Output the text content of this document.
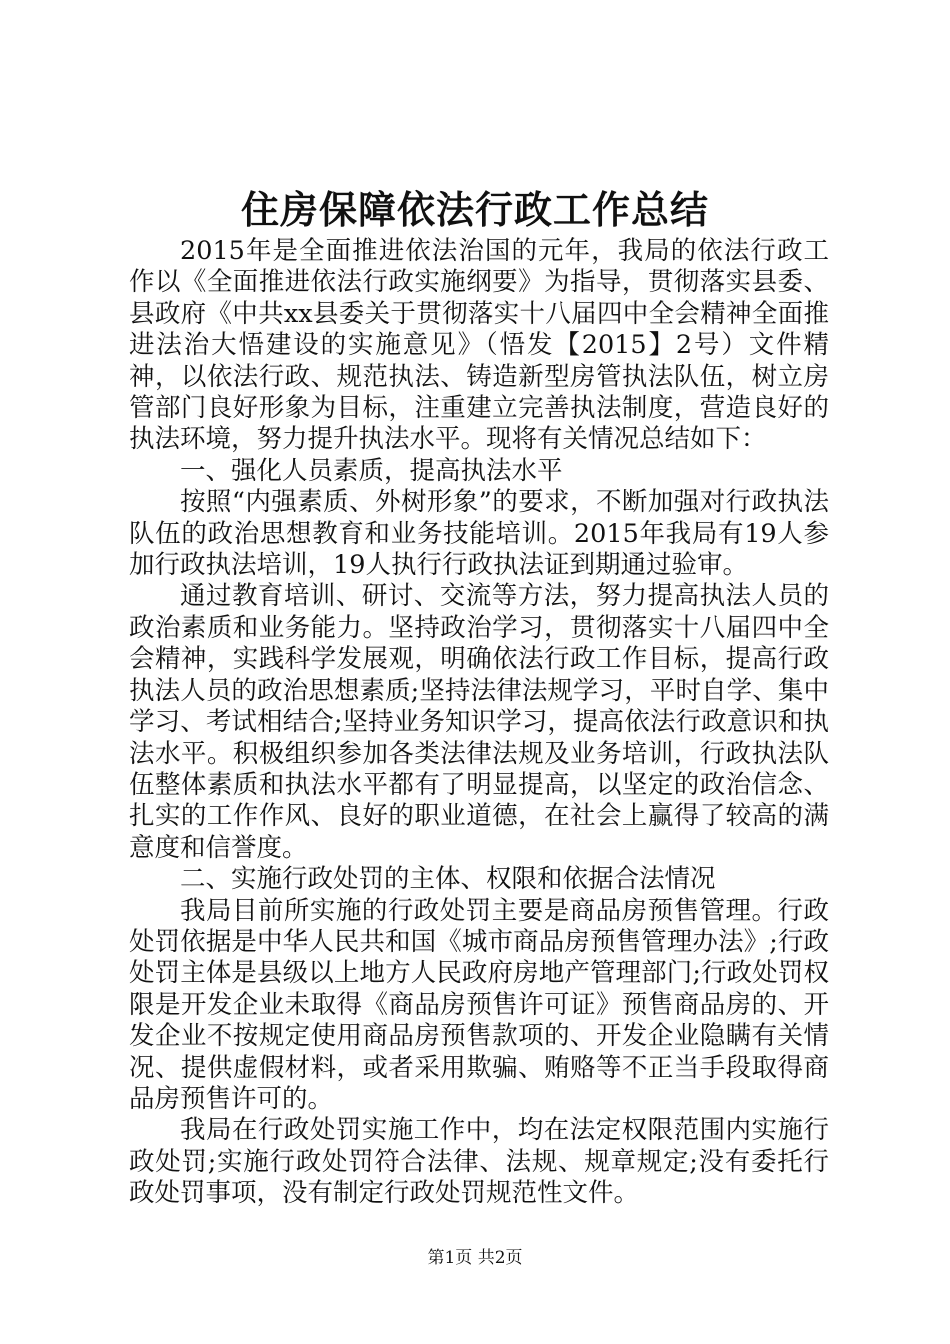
住房保障依法行政工作总结

2015年是全面推进依法治国的元年，我局的依法行政工作以《全面推进依法行政实施纲要》为指导，贯彻落实县委、县政府《中共xx县委关于贯彻落实十八届四中全会精神全面推进法治大悟建设的实施意见》（悟发【2015】2号）文件精神，以依法行政、规范执法、铸造新型房管执法队伍，树立房管部门良好形象为目标，注重建立完善执法制度，营造良好的执法环境，努力提升执法水平。现将有关情况总结如下：

一、强化人员素质，提高执法水平

按照“内强素质、外树形象”的要求，不断加强对行政执法队伍的政治思想教育和业务技能培训。2015年我局有19人参加行政执法培训，19人执行行政执法证到期通过验审。

通过教育培训、研讨、交流等方法，努力提高执法人员的政治素质和业务能力。坚持政治学习，贯彻落实十八届四中全会精神，实践科学发展观，明确依法行政工作目标，提高行政执法人员的政治思想素质;坚持法律法规学习，平时自学、集中学习、考试相结合;坚持业务知识学习，提高依法行政意识和执法水平。积极组织参加各类法律法规及业务培训，行政执法队伍整体素质和执法水平都有了明显提高，以坚定的政治信念、扎实的工作作风、良好的职业道德，在社会上赢得了较高的满意度和信誉度。

二、实施行政处罚的主体、权限和依据合法情况

我局目前所实施的行政处罚主要是商品房预售管理。行政处罚依据是中华人民共和国《城市商品房预售管理办法》;行政处罚主体是县级以上地方人民政府房地产管理部门;行政处罚权限是开发企业未取得《商品房预售许可证》预售商品房的、开发企业不按规定使用商品房预售款项的、开发企业隐瞒有关情况、提供虚假材料，或者采用欺骗、贿赂等不正当手段取得商品房预售许可的。

我局在行政处罚实施工作中，均在法定权限范围内实施行政处罚;实施行政处罚符合法律、法规、规章规定;没有委托行政处罚事项，没有制定行政处罚规范性文件。

第1页 共2页
